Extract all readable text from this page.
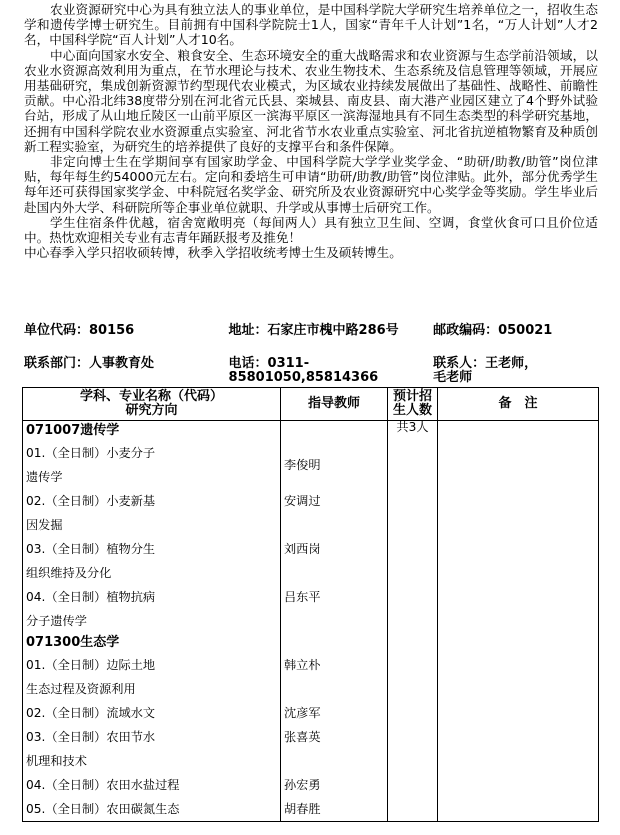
农业资源研究中心为具有独立法人的事业单位，是中国科学院大学研究生培养单位之一，招收生态学和遗传学博士研究生。目前拥有中国科学院院士1人，国家“青年千人计划”1名，“万人计划”人才2名，中国科学院“百人计划”人才10名。

中心面向国家水安全、粮食安全、生态环境安全的重大战略需求和农业资源与生态学前沿领域，以农业水资源高效利用为重点，在节水理论与技术、农业生物技术、生态系统及信息管理等领域，开展应用基础研究，集成创新资源节约型现代农业模式，为区域农业持续发展做出了基础性、战略性、前瞻性贡献。中心沿北纬38度带分别在河北省元氏县、栾城县、南皮县、南大港产业园区建立了4个野外试验台站，形成了从山地丘陵区一山前平原区一滨海平原区一滨海湿地具有不同生态类型的科学研究基地，还拥有中国科学院农业水资源重点实验室、河北省节水农业重点实验室、河北省抗逆植物繁育及种质创新工程实验室，为研究生的培养提供了良好的支撑平台和条件保障。

非定向博士生在学期间享有国家助学金、中国科学院大学学业奖学金、“助研/助教/助管”岗位津贴，每年每生约54000元左右。定向和委培生可申请“助研/助教/助管”岗位津贴。此外，部分优秀学生每年还可获得国家奖学金、中科院冠名奖学金、研究所及农业资源研究中心奖学金等奖励。学生毕业后赴国内外大学、科研院所等企事业单位就职、升学或从事博士后研究工作。

学生住宿条件优越，宿舍宽敞明亮（每间两人）具有独立卫生间、空调，食堂伙食可口且价位适中。热忱欢迎相关专业有志青年踊跃报考及推免！

中心春季入学只招收硕转博，秋季入学招收统考博士生及硕转博生。

单位代码：80156	地址：石家庄市槐中路286号	邮政编码：050021
联系部门：人事教育处	电话：0311-
85801050,85814366

联系人：王老师，
毛老师
学科、专业名称（代码）
研究方向	指导教师	预计招生人数	备　注
071007遗传学		共3人	
01.（全日制）小麦分子遗传学	李俊明		
02.（全日制）小麦新基因发掘	安调过		
03.（全日制）植物分生组织维持及分化	刘西岗		
04.（全日制）植物抗病分子遗传学	吕东平		
071300生态学			
01.（全日制）边际土地生态过程及资源利用	韩立朴		
02.（全日制）流域水文	沈彦军		
03.（全日制）农田节水机理和技术	张喜英		
04.（全日制）农田水盐过程	孙宏勇		
05.（全日制）农田碳氮生态	胡春胜		
